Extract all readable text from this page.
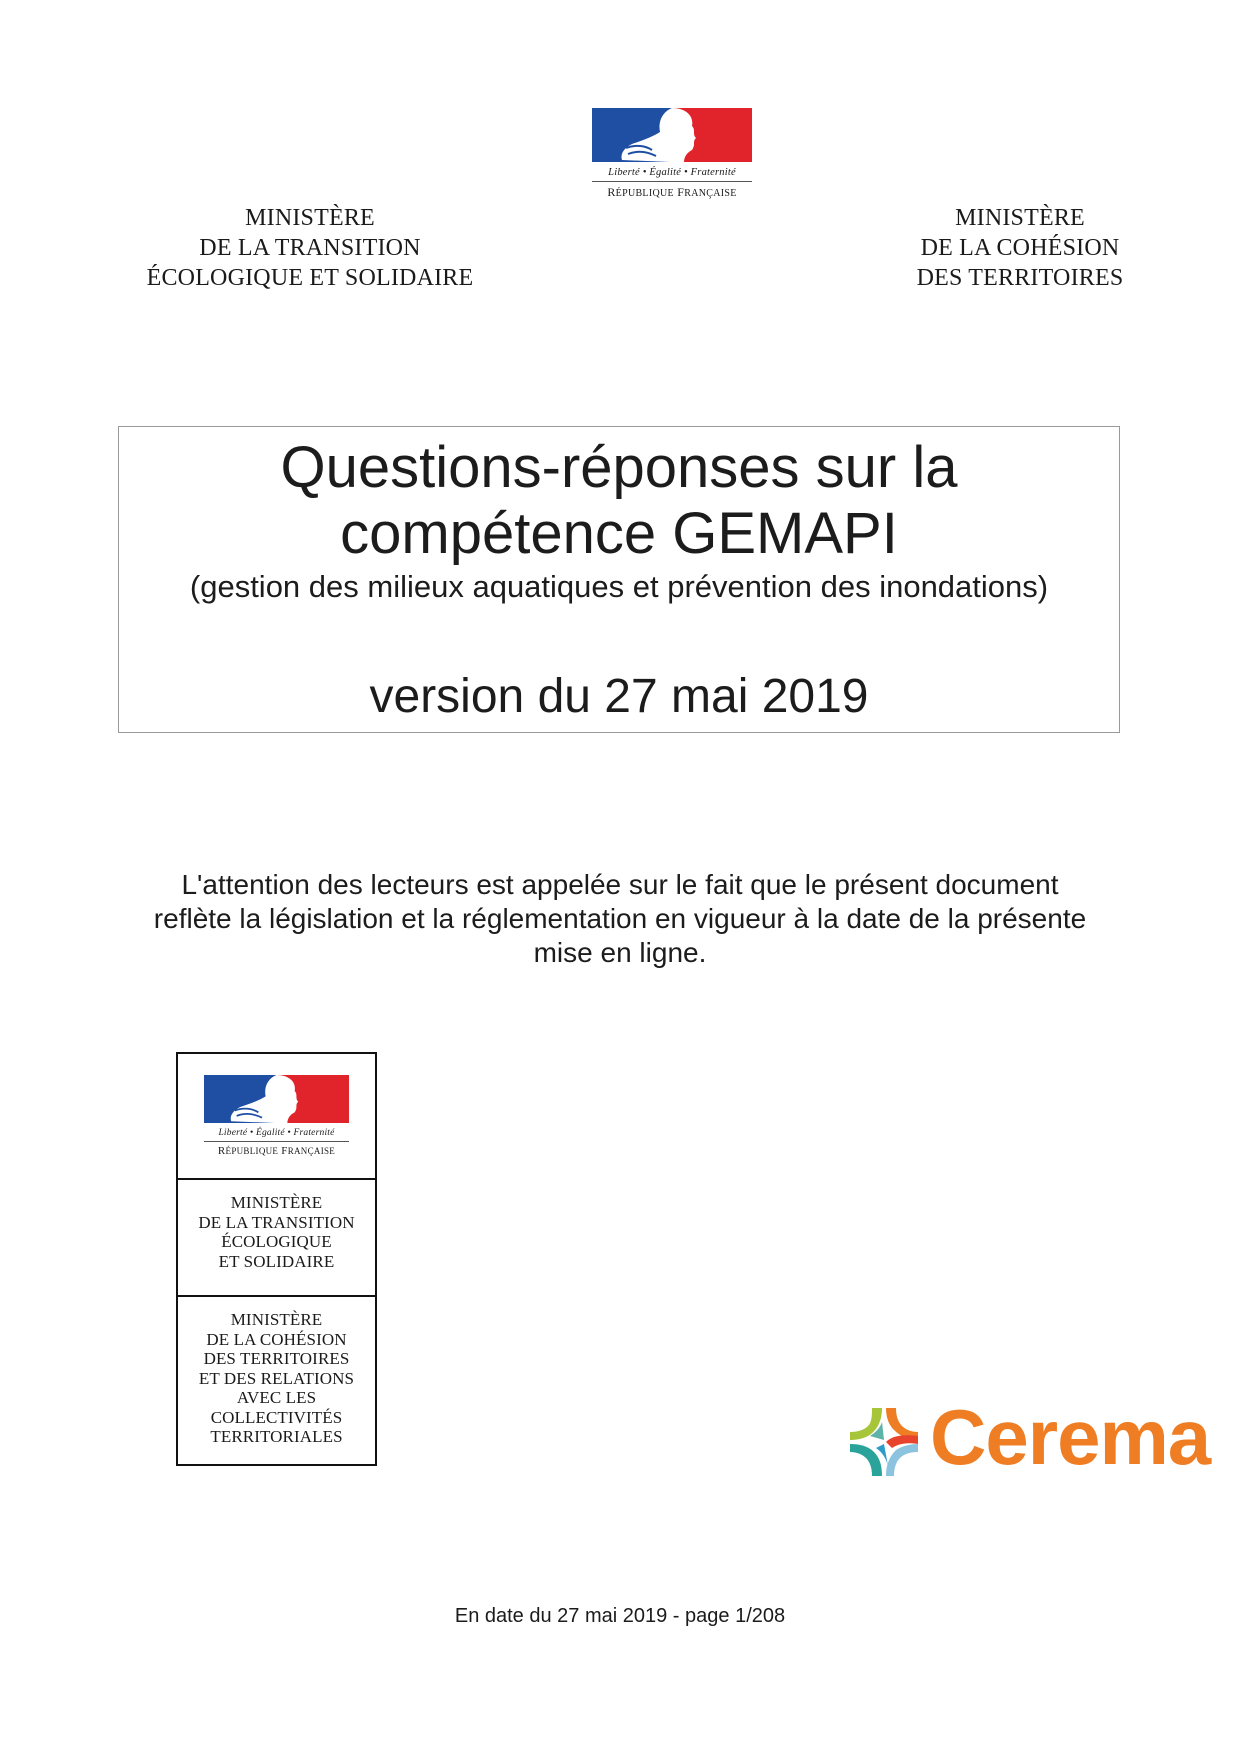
Liberté • Égalité • Fraternité
RÉPUBLIQUE FRANÇAISE
MINISTÈRE
DE LA TRANSITION
ÉCOLOGIQUE ET SOLIDAIRE
MINISTÈRE
DE LA COHÉSION
DES TERRITOIRES
Questions-réponses sur la
compétence GEMAPI
(gestion des milieux aquatiques et prévention des inondations)
version du 27 mai 2019
L'attention des lecteurs est appelée sur le fait que le présent document
reflète la législation et la réglementation en vigueur à la date de la présente
mise en ligne.
Liberté • Égalité • Fraternité
RÉPUBLIQUE FRANÇAISE
MINISTÈRE
DE LA TRANSITION
ÉCOLOGIQUE
ET SOLIDAIRE
MINISTÈRE
DE LA COHÉSION
DES TERRITOIRES
ET DES RELATIONS
AVEC LES
COLLECTIVITÉS
TERRITORIALES	Cerema
En date du 27 mai 2019 - page 1/208
